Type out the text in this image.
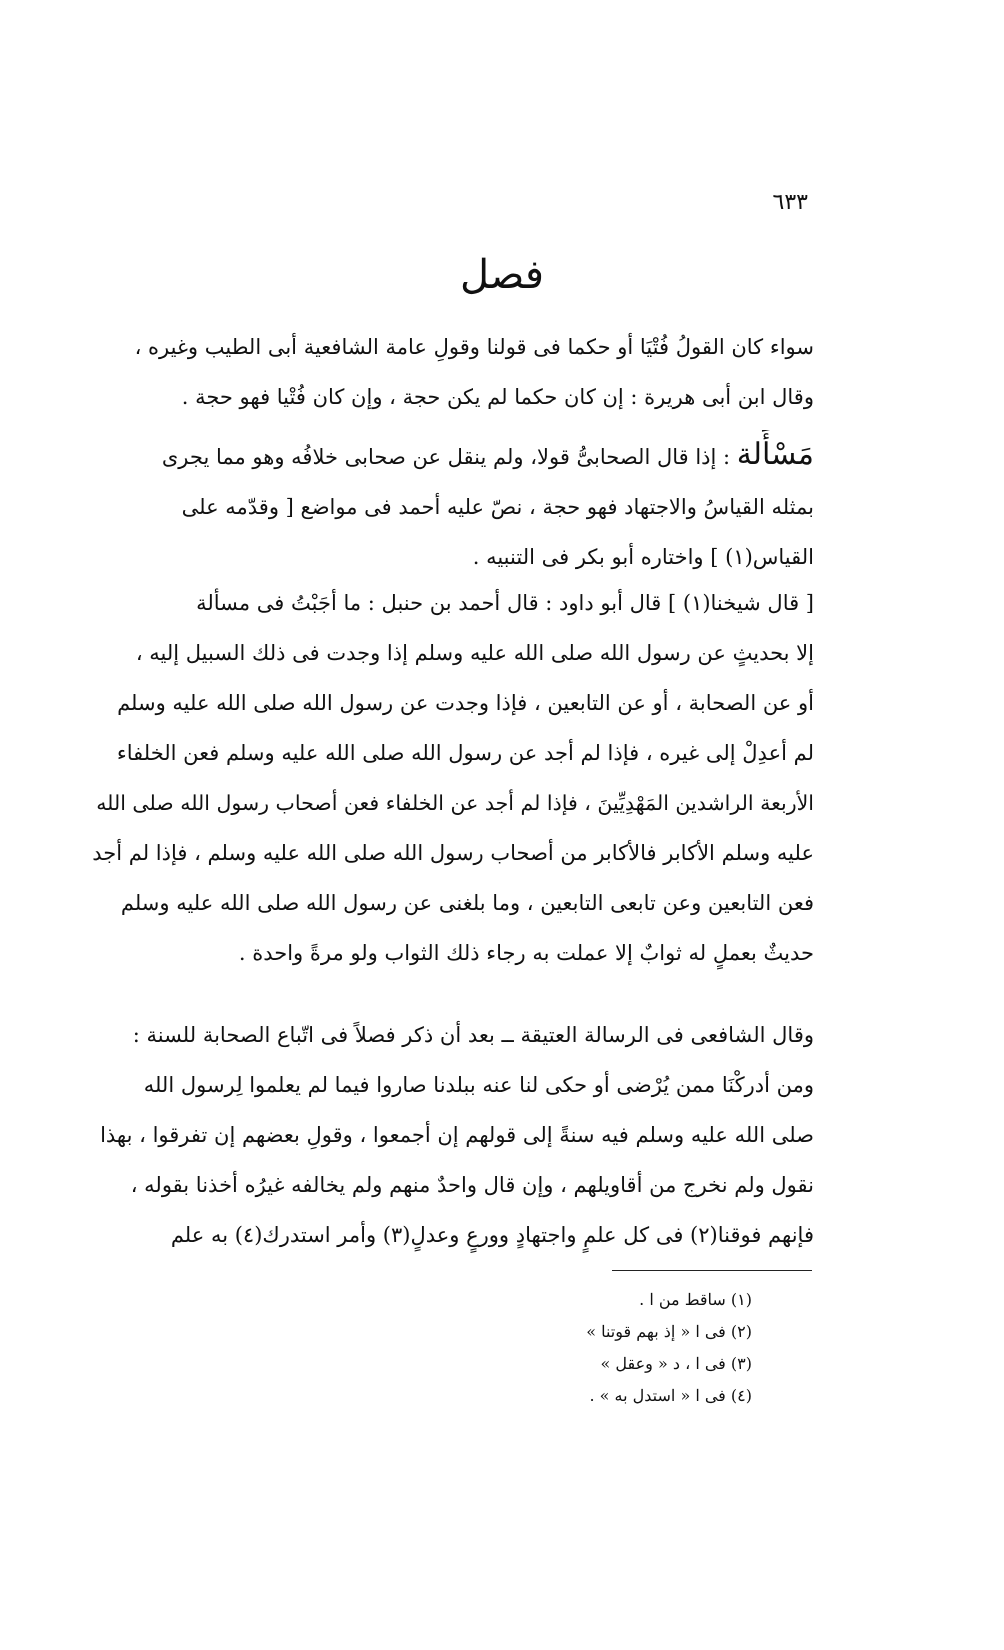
٦٣٣
فصل
سواء كان القولُ فُتْيَا أو حكما فى قولنا وقولِ عامة الشافعية أبى الطيب وغيره ،
وقال ابن أبى هريرة : إن كان حكما لم يكن حجة ، وإن كان فُتْيا فهو حجة .
مَسْأَلة : إذا قال الصحابىُّ قولا، ولم ينقل عن صحابى خلافُه وهو مما يجرى
بمثله القياسُ والاجتهاد فهو حجة ، نصّ عليه أحمد فى مواضع [ وقدّمه على
القياس(١) ] واختاره أبو بكر فى التنبيه .
[ قال شيخنا(١) ] قال أبو داود : قال أحمد بن حنبل : ما أجَبْتُ فى مسألة
إلا بحديثٍ عن رسول الله صلى الله عليه وسلم إذا وجدت فى ذلك السبيل إليه ،
أو عن الصحابة ، أو عن التابعين ، فإذا وجدت عن رسول الله صلى الله عليه وسلم
لم أعدِلْ إلى غيره ، فإذا لم أجد عن رسول الله صلى الله عليه وسلم فعن الخلفاء
الأربعة الراشدين المَهْدِيِّينَ ، فإذا لم أجد عن الخلفاء فعن أصحاب رسول الله صلى الله
عليه وسلم الأكابر فالأكابر من أصحاب رسول الله صلى الله عليه وسلم ، فإذا لم أجد
فعن التابعين وعن تابعى التابعين ، وما بلغنى عن رسول الله صلى الله عليه وسلم
حديثٌ بعملٍ له ثوابٌ إلا عملت به رجاء ذلك الثواب ولو مرةً واحدة .
وقال الشافعى فى الرسالة العتيقة ــ بعد أن ذكر فصلاً فى اتّباع الصحابة للسنة :
ومن أدركْنَا ممن يُرْضى أو حكى لنا عنه ببلدنا صاروا فيما لم يعلموا لِرسول الله
صلى الله عليه وسلم فيه سنةً إلى قولهم إن أجمعوا ، وقولِ بعضهم إن تفرقوا ، بهذا
نقول ولم نخرج من أقاويلهم ، وإن قال واحدٌ منهم ولم يخالفه غيرُه أخذنا بقوله ،
فإنهم فوقنا(٢) فى كل علمٍ واجتهادٍ وورعٍ وعدلٍ(٣) وأمر استدرك(٤) به علم
(١) ساقط من ا .
(٢) فى ا « إذ بهم قوتنا »
(٣) فى ا ، د « وعقل »
(٤) فى ا « استدل به » .
